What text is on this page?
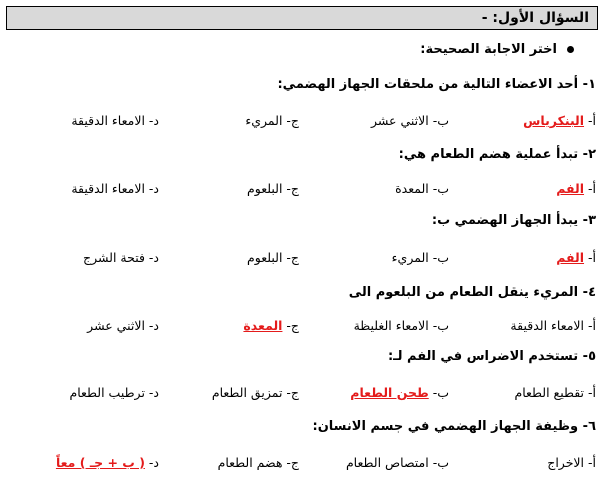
السؤال الأول: -
اختر الاجابة الصحيحة:
١- أحد الاعضاء التالية من ملحقات الجهاز الهضمي:
أ- البنكرياس
ب- الاثني عشر
ج- المريء
د- الامعاء الدقيقة
٢- تبدأ عملية هضم الطعام هي:
أ- الفم
ب- المعدة
ج- البلعوم
د- الامعاء الدقيقة
٣- يبدأ الجهاز الهضمي ب:
أ- الفم
ب- المريء
ج- البلعوم
د- فتحة الشرج
٤- المريء ينقل الطعام من البلعوم الى
أ- الامعاء الدقيقة
ب- الامعاء الغليظة
ج- المعدة
د- الاثني عشر
٥- تستخدم الاضراس في الفم لـ:
أ- تقطيع الطعام
ب- طحن الطعام
ج- تمزيق الطعام
د- ترطيب الطعام
٦- وظيفة الجهاز الهضمي في جسم الانسان:
أ- الاخراج
ب- امتصاص الطعام
ج- هضم الطعام
د- ( ب + جـ ) معاً
